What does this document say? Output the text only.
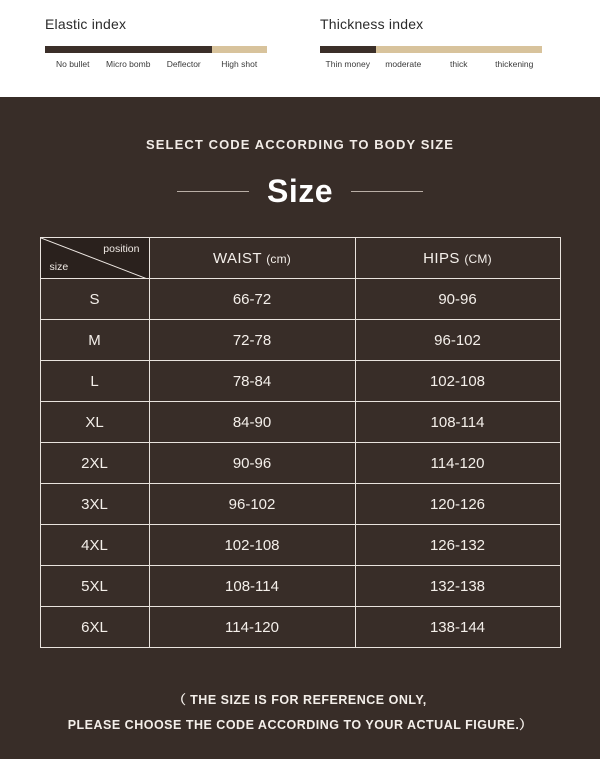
Elastic index
No bullet	Micro bomb	Deflector	High shot
Thickness index
Thin money	moderate	thick	thickening
SELECT CODE ACCORDING TO BODY SIZE
Size
size
position	WAIST (cm)	HIPS (CM)
S	66-72	90-96
M	72-78	96-102
L	78-84	102-108
XL	84-90	108-114
2XL	90-96	114-120
3XL	96-102	120-126
4XL	102-108	126-132
5XL	108-114	132-138
6XL	114-120	138-144
（ THE SIZE IS FOR REFERENCE ONLY,
PLEASE CHOOSE THE CODE ACCORDING TO YOUR ACTUAL FIGURE.）
